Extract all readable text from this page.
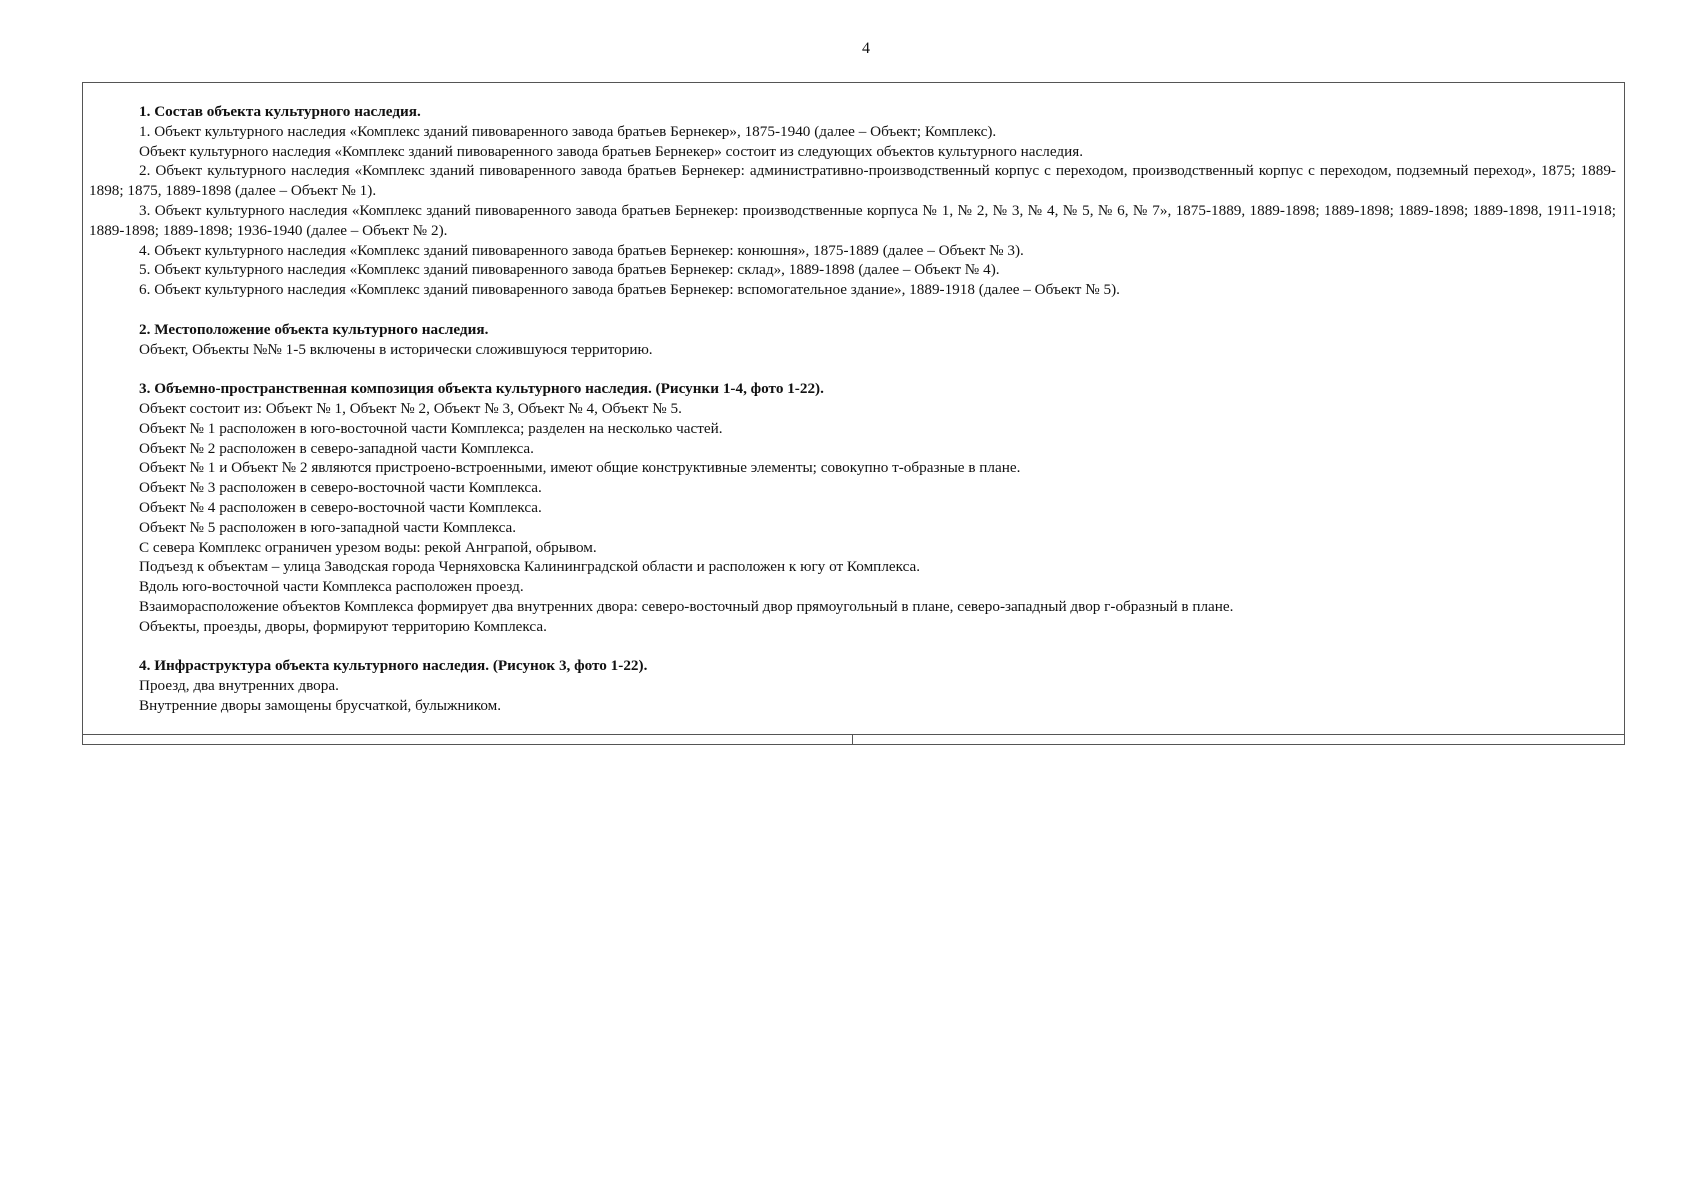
4
1. Состав объекта культурного наследия.

1. Объект культурного наследия «Комплекс зданий пивоваренного завода братьев Бернекер», 1875-1940 (далее – Объект; Комплекс).

Объект культурного наследия «Комплекс зданий пивоваренного завода братьев Бернекер» состоит из следующих объектов культурного наследия.

2. Объект культурного наследия «Комплекс зданий пивоваренного завода братьев Бернекер: административно-производственный корпус с переходом, производственный корпус с переходом, подземный переход», 1875; 1889-1898; 1875, 1889-1898 (далее – Объект № 1).

3. Объект культурного наследия «Комплекс зданий пивоваренного завода братьев Бернекер: производственные корпуса № 1, № 2, № 3, № 4, № 5, № 6, № 7», 1875-1889, 1889-1898; 1889-1898; 1889-1898; 1889-1898, 1911-1918; 1889-1898; 1889-1898; 1936-1940 (далее – Объект № 2).

4. Объект культурного наследия «Комплекс зданий пивоваренного завода братьев Бернекер: конюшня», 1875-1889 (далее – Объект № 3).

5. Объект культурного наследия «Комплекс зданий пивоваренного завода братьев Бернекер: склад», 1889-1898 (далее – Объект № 4).

6. Объект культурного наследия «Комплекс зданий пивоваренного завода братьев Бернекер: вспомогательное здание», 1889-1918 (далее – Объект № 5).

2. Местоположение объекта культурного наследия.

Объект, Объекты №№ 1-5 включены в исторически сложившуюся территорию.

3. Объемно-пространственная композиция объекта культурного наследия. (Рисунки 1-4, фото 1-22).

Объект состоит из: Объект № 1, Объект № 2, Объект № 3, Объект № 4, Объект № 5.

Объект № 1 расположен в юго-восточной части Комплекса; разделен на несколько частей.

Объект № 2 расположен в северо-западной части Комплекса.

Объект № 1 и Объект № 2 являются пристроено-встроенными, имеют общие конструктивные элементы; совокупно т-образные в плане.

Объект № 3 расположен в северо-восточной части Комплекса.

Объект № 4 расположен в северо-восточной части Комплекса.

Объект № 5 расположен в юго-западной части Комплекса.

С севера Комплекс ограничен урезом воды: рекой Анграпой, обрывом.

Подъезд к объектам – улица Заводская города Черняховска Калининградской области и расположен к югу от Комплекса.

Вдоль юго-восточной части Комплекса расположен проезд.

Взаиморасположение объектов Комплекса формирует два внутренних двора: северо-восточный двор прямоугольный в плане, северо-западный двор г-образный в плане.

Объекты, проезды, дворы, формируют территорию Комплекса.

4. Инфраструктура объекта культурного наследия. (Рисунок 3, фото 1-22).

Проезд, два внутренних двора.

Внутренние дворы замощены брусчаткой, булыжником.
